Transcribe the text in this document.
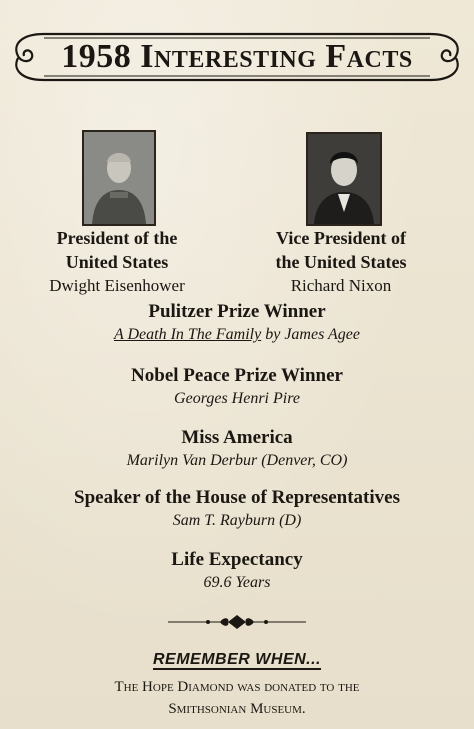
1958 Interesting Facts
President of the
United States
Dwight Eisenhower
Vice President of
the United States
Richard Nixon
Pulitzer Prize Winner
A Death In The Family by James Agee
Nobel Peace Prize Winner
Georges Henri Pire
Miss America
Marilyn Van Derbur (Denver, CO)
Speaker of the House of Representatives
Sam T. Rayburn (D)
Life Expectancy
69.6 Years
REMEMBER WHEN...
The Hope Diamond was donated to the
Smithsonian Museum.
